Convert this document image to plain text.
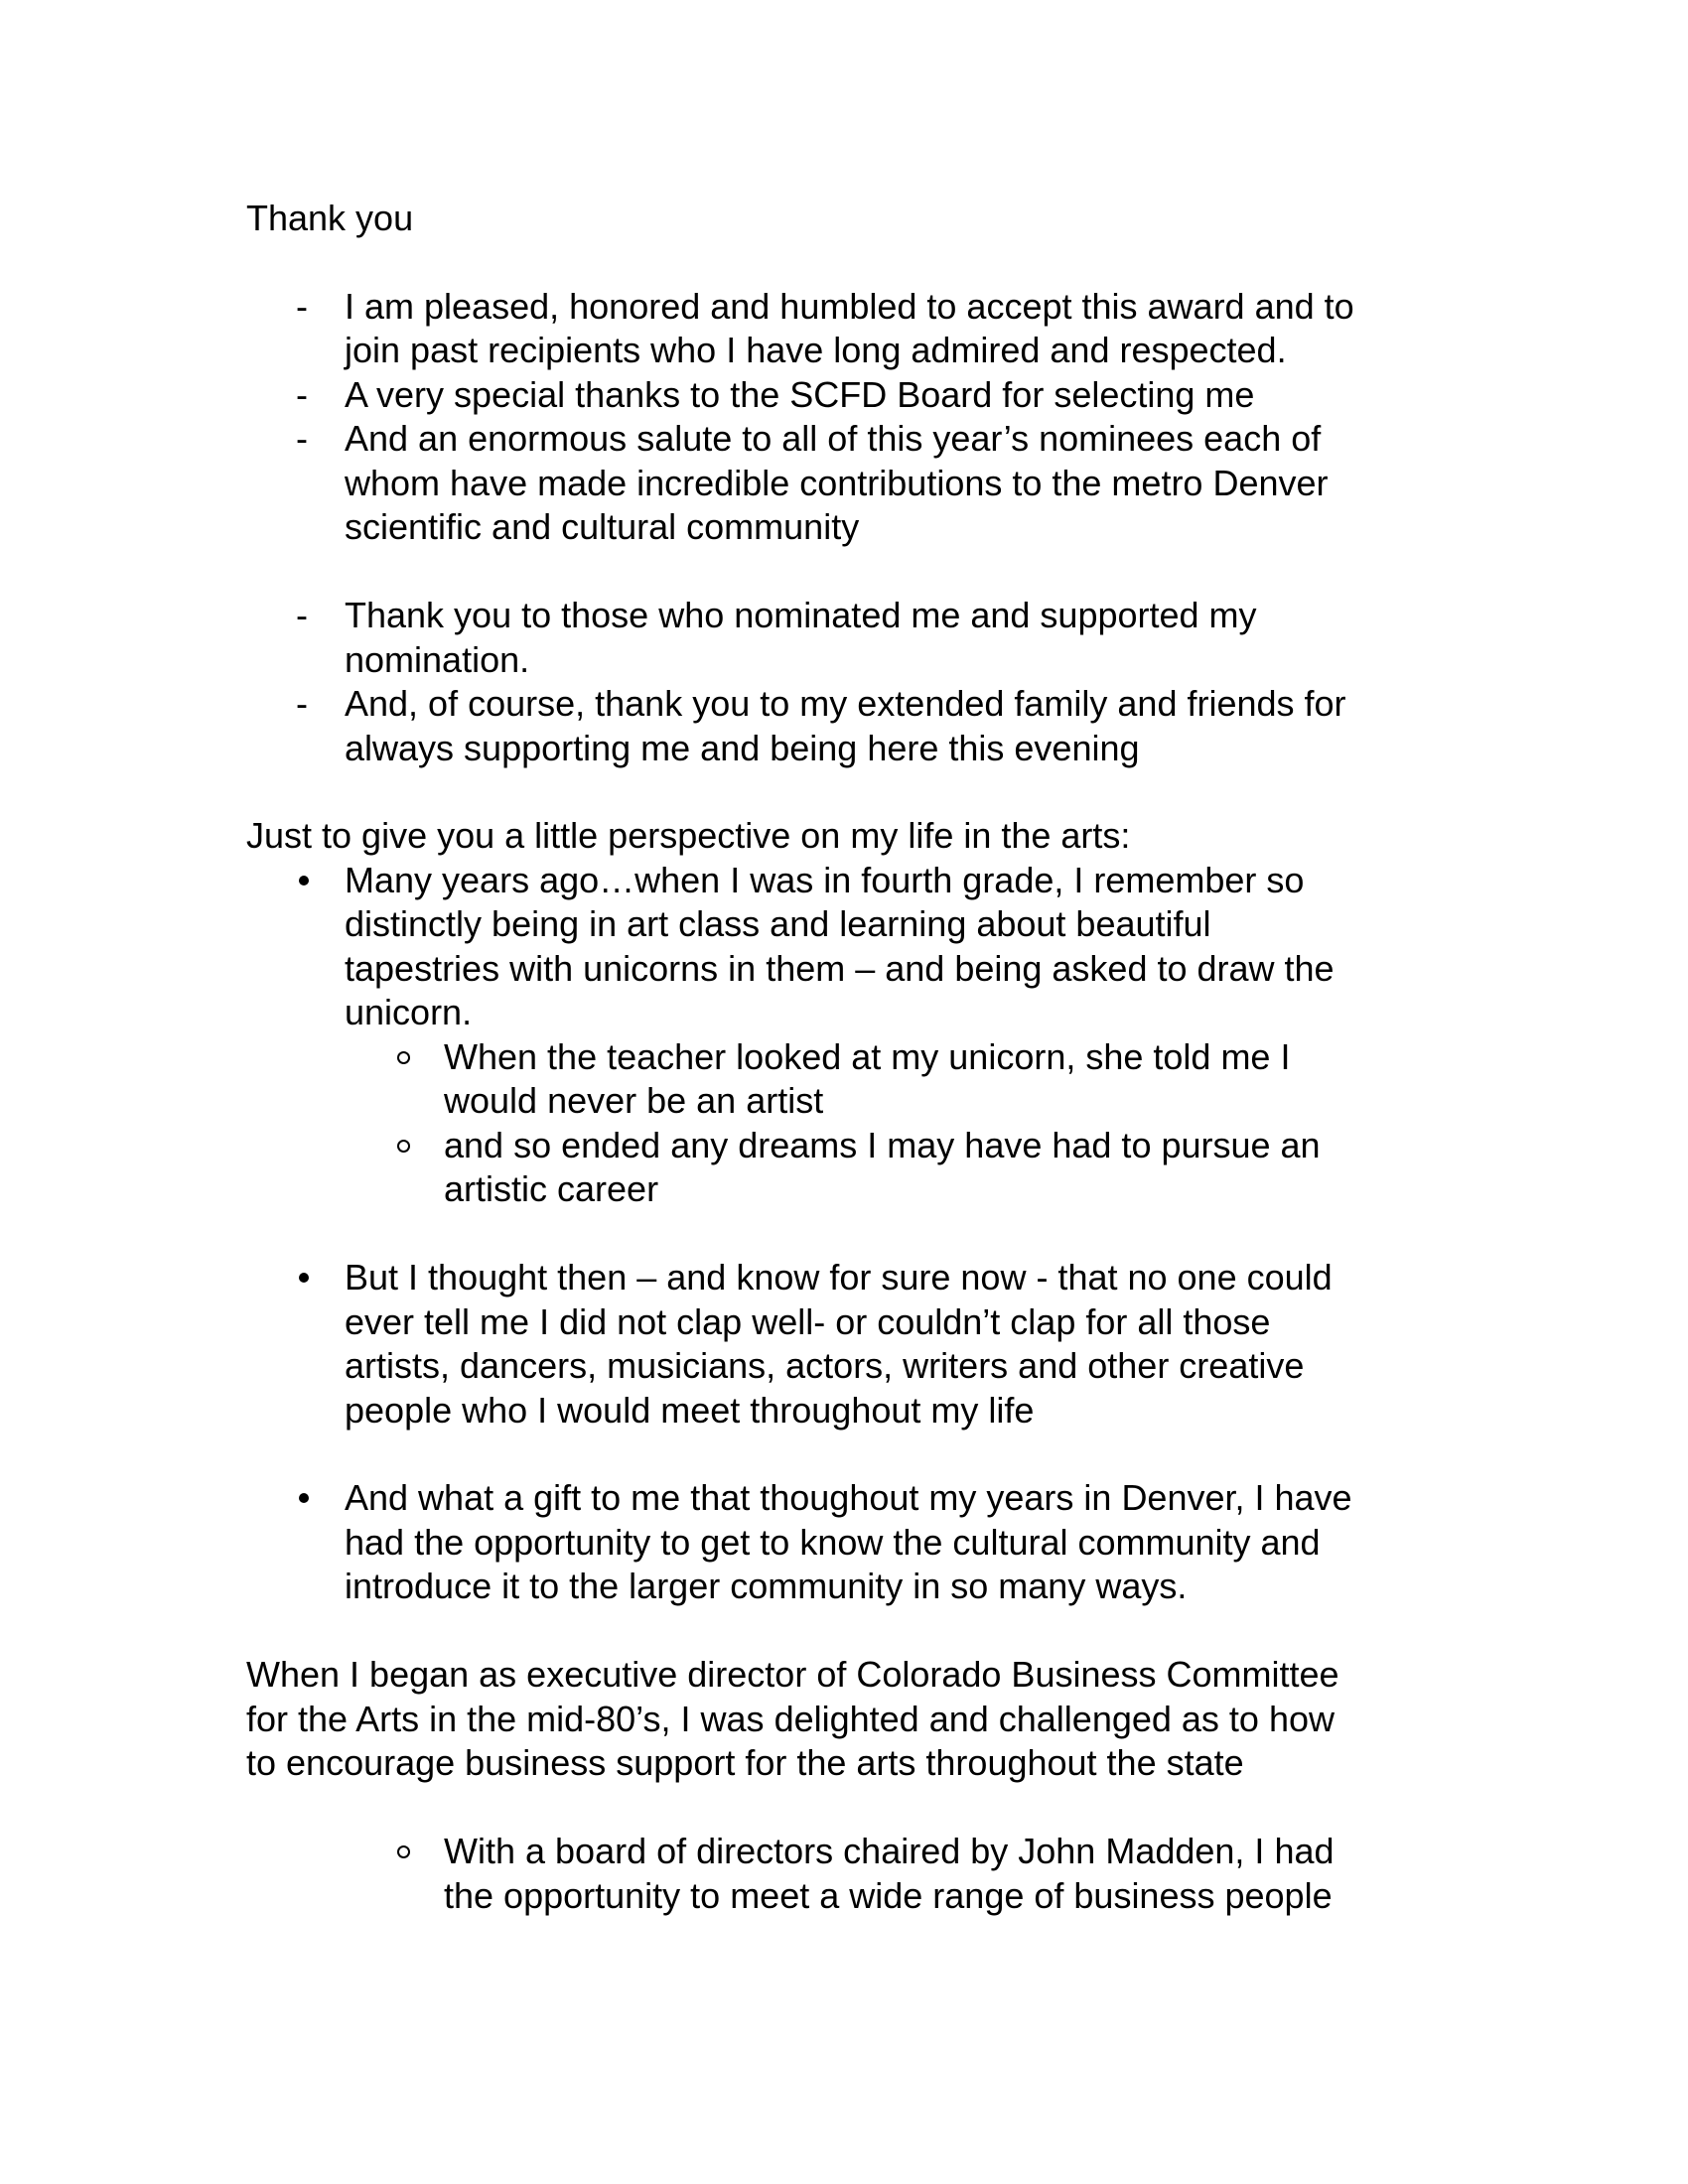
Thank you
- I am pleased, honored and humbled to accept this award and to
join past recipients who I have long admired and respected.
- A very special thanks to the SCFD Board for selecting me
- And an enormous salute to all of this year’s nominees each of
whom have made incredible contributions to the metro Denver
scientific and cultural community
- Thank you to those who nominated me and supported my
nomination.
- And, of course, thank you to my extended family and friends for
always supporting me and being here this evening
Just to give you a little perspective on my life in the arts:
Many years ago…when I was in fourth grade, I remember so
distinctly being in art class and learning about beautiful
tapestries with unicorns in them – and being asked to draw the
unicorn.
When the teacher looked at my unicorn, she told me I
would never be an artist
and so ended any dreams I may have had to pursue an
artistic career
But I thought then – and know for sure now - that no one could
ever tell me I did not clap well- or couldn’t clap for all those
artists, dancers, musicians, actors, writers and other creative
people who I would meet throughout my life
And what a gift to me that thoughout my years in Denver, I have
had the opportunity to get to know the cultural community and
introduce it to the larger community in so many ways.
When I began as executive director of Colorado Business Committee
for the Arts in the mid-80’s, I was delighted and challenged as to how
to encourage business support for the arts throughout the state
With a board of directors chaired by John Madden, I had
the opportunity to meet a wide range of business people
